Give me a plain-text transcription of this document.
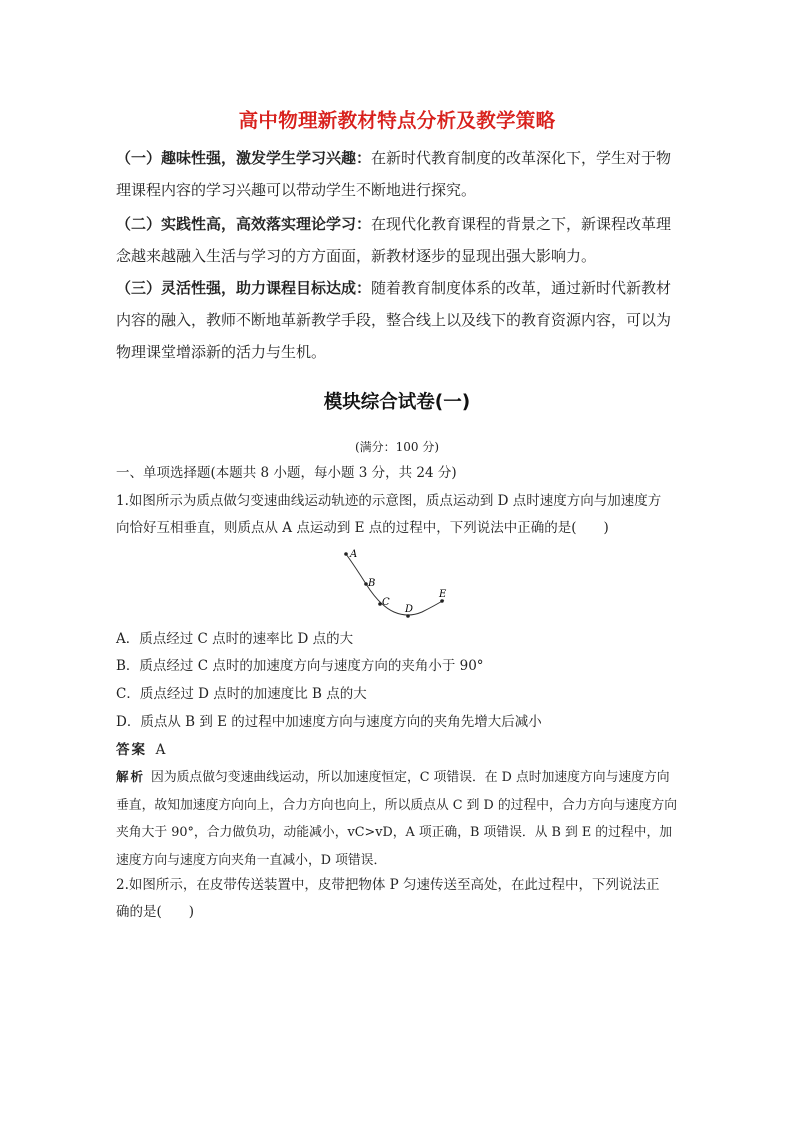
高中物理新教材特点分析及教学策略
（一）趣味性强，激发学生学习兴趣：在新时代教育制度的改革深化下，学生对于物理课程内容的学习兴趣可以带动学生不断地进行探究。
（二）实践性高，高效落实理论学习：在现代化教育课程的背景之下，新课程改革理念越来越融入生活与学习的方方面面，新教材逐步的显现出强大影响力。
（三）灵活性强，助力课程目标达成：随着教育制度体系的改革，通过新时代新教材内容的融入，教师不断地革新教学手段，整合线上以及线下的教育资源内容，可以为物理课堂增添新的活力与生机。
模块综合试卷(一)
(满分：100 分)
一、单项选择题(本题共 8 小题，每小题 3 分，共 24 分)
1.如图所示为质点做匀变速曲线运动轨迹的示意图，质点运动到 D 点时速度方向与加速度方
向恰好互相垂直，则质点从 A 点运动到 E 点的过程中，下列说法中正确的是(　　)
A
B
C
D
E
A．质点经过 C 点时的速率比 D 点的大
B．质点经过 C 点时的加速度方向与速度方向的夹角小于 90°
C．质点经过 D 点时的加速度比 B 点的大
D．质点从 B 到 E 的过程中加速度方向与速度方向的夹角先增大后减小
答案 A
解析 因为质点做匀变速曲线运动，所以加速度恒定，C 项错误．在 D 点时加速度方向与速度方向垂直，故知加速度方向向上，合力方向也向上，所以质点从 C 到 D 的过程中，合力方向与速度方向夹角大于 90°，合力做负功，动能减小，vC>vD，A 项正确，B 项错误．从 B 到 E 的过程中，加速度方向与速度方向夹角一直减小，D 项错误．
2.如图所示，在皮带传送装置中，皮带把物体 P 匀速传送至高处，在此过程中，下列说法正
确的是(　　)
